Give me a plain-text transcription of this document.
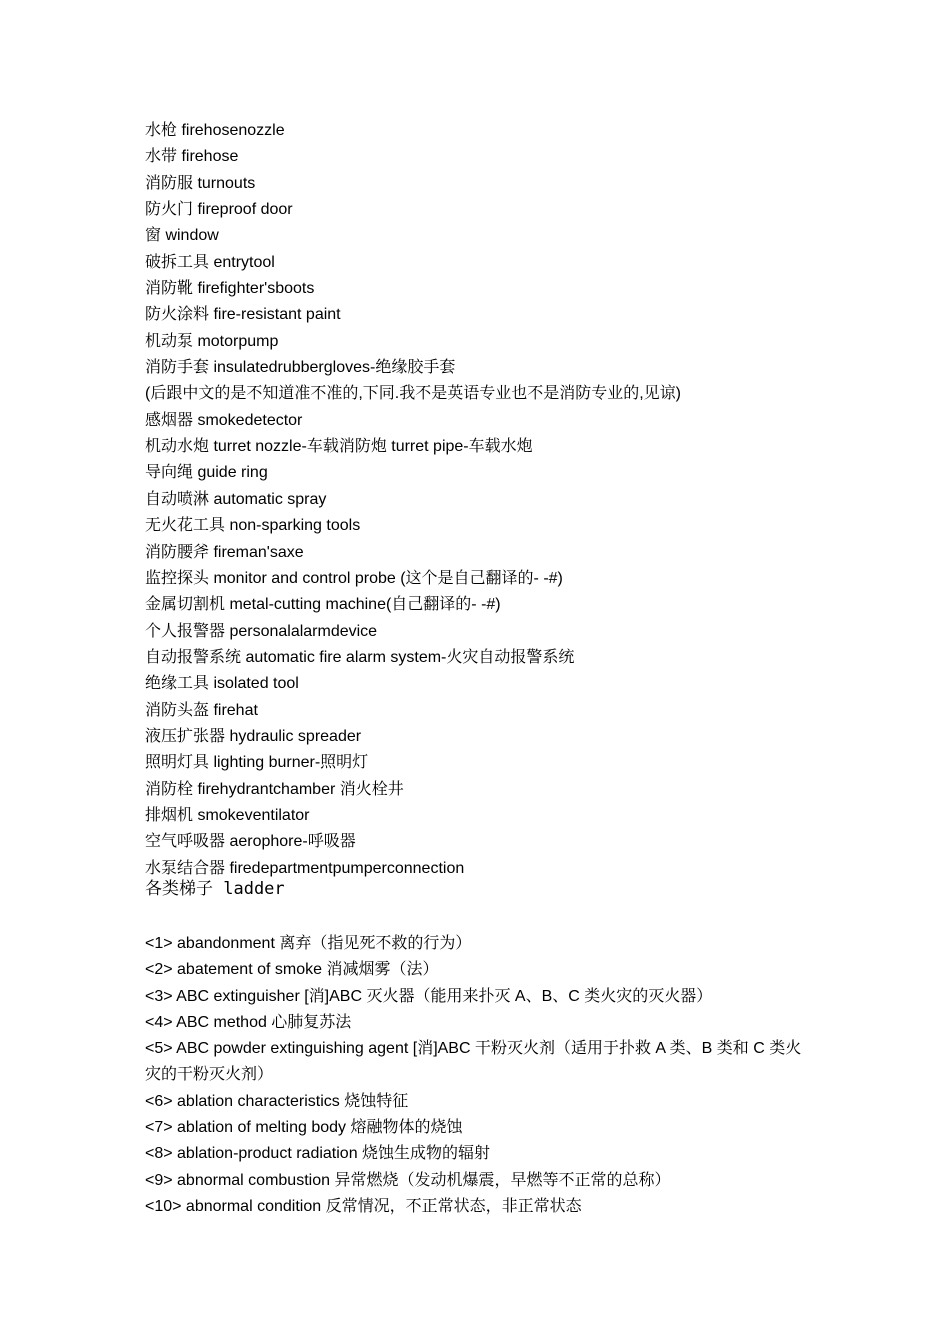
水枪 firehosenozzle
水带 firehose
消防服 turnouts
防火门 fireproof door
窗 window
破拆工具 entrytool
消防靴 firefighter'sboots
防火涂料 fire-resistant paint
机动泵 motorpump
消防手套 insulatedrubbergloves-绝缘胶手套
(后跟中文的是不知道准不准的,下同.我不是英语专业也不是消防专业的,见谅)
感烟器 smokedetector
机动水炮 turret nozzle-车载消防炮 turret pipe-车载水炮
导向绳 guide ring
自动喷淋 automatic spray
无火花工具 non-sparking tools
消防腰斧 fireman'saxe
监控探头 monitor and control probe (这个是自己翻译的- -#)
金属切割机 metal-cutting machine(自己翻译的- -#)
个人报警器 personalalarmdevice
自动报警系统 automatic fire alarm system-火灾自动报警系统
绝缘工具 isolated tool
消防头盔 firehat
液压扩张器 hydraulic spreader
照明灯具 lighting burner-照明灯
消防栓 firehydrantchamber 消火栓井
排烟机 smokeventilator
空气呼吸器 aerophore-呼吸器
水泵结合器 firedepartmentpumperconnection
各类梯子 ladder
<1> abandonment 离弃（指见死不救的行为）
<2> abatement of smoke 消减烟雾（法）
<3> ABC extinguisher [消]ABC 灭火器（能用来扑灭 A、B、C 类火灾的灭火器）
<4> ABC method 心肺复苏法
<5> ABC powder extinguishing agent [消]ABC 干粉灭火剂（适用于扑救 A 类、B 类和 C 类火灾的干粉灭火剂）
<6> ablation characteristics 烧蚀特征
<7> ablation of melting body 熔融物体的烧蚀
<8> ablation-product radiation 烧蚀生成物的辐射
<9> abnormal combustion 异常燃烧（发动机爆震，早燃等不正常的总称）
<10> abnormal condition 反常情况，不正常状态，非正常状态
